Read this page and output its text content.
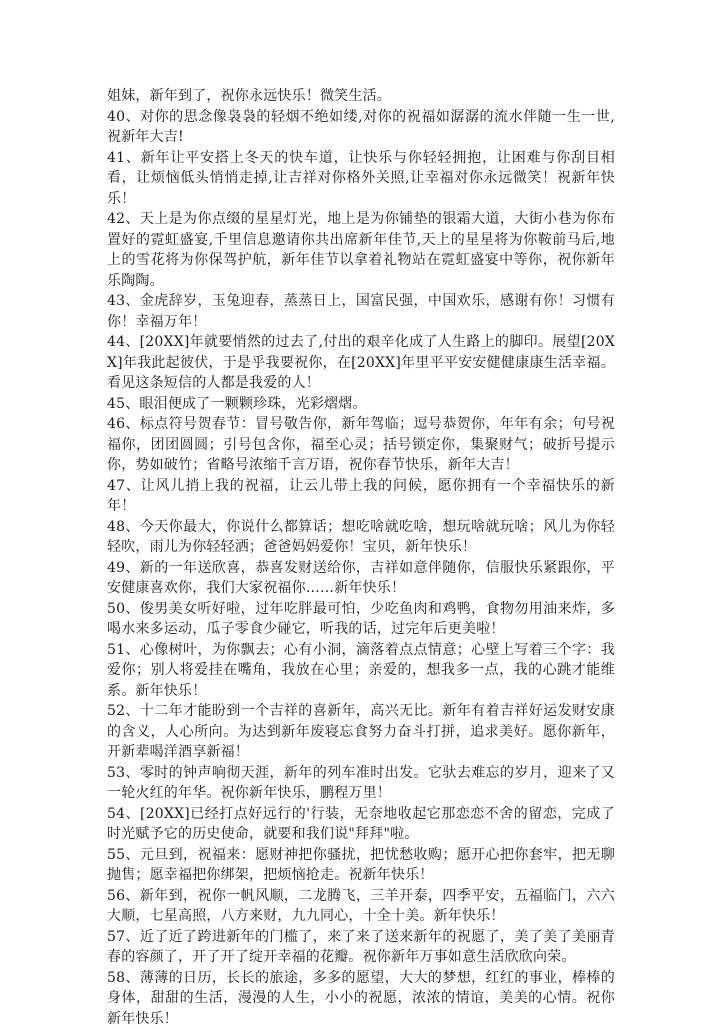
姐妹，新年到了，祝你永远快乐！微笑生活。

40、对你的思念像袅袅的轻烟不绝如缕,对你的祝福如潺潺的流水伴随一生一世,祝新年大吉!

41、新年让平安搭上冬天的快车道，让快乐与你轻轻拥抱，让困难与你刮目相看，让烦恼低头悄悄走掉,让吉祥对你格外关照,让幸福对你永远微笑！祝新年快乐！

42、天上是为你点缀的星星灯光，地上是为你铺垫的银霜大道，大街小巷为你布置好的霓虹盛宴,千里信息邀请你共出席新年佳节,天上的星星将为你鞍前马后,地上的雪花将为你保驾护航，新年佳节以拿着礼物站在霓虹盛宴中等你，祝你新年乐陶陶。

43、金虎辞岁，玉兔迎春，蒸蒸日上，国富民强，中国欢乐，感谢有你！习惯有你！幸福万年！

44、[20XX]年就要悄然的过去了,付出的艰辛化成了人生路上的脚印。展望[20XX]年我此起彼伏，于是乎我要祝你，在[20XX]年里平平安安健健康康生活幸福。看见这条短信的人都是我爱的人！

45、眼泪便成了一颗颗珍珠，光彩熠熠。

46、标点符号贺春节：冒号敬告你，新年驾临；逗号恭贺你，年年有余；句号祝福你，团团圆圆；引号包含你，福至心灵；括号锁定你，集聚财气；破折号提示你，势如破竹；省略号浓缩千言万语，祝你春节快乐，新年大吉！

47、让风儿捎上我的祝福，让云儿带上我的问候，愿你拥有一个幸福快乐的新年！

48、今天你最大，你说什么都算话；想吃啥就吃啥，想玩啥就玩啥；风儿为你轻轻吹，雨儿为你轻轻洒；爸爸妈妈爱你！宝贝，新年快乐！

49、新的一年送欣喜，恭喜发财送给你，吉祥如意伴随你，信服快乐紧跟你，平安健康喜欢你，我们大家祝福你……新年快乐！

50、俊男美女听好啦，过年吃胖最可怕，少吃鱼肉和鸡鸭，食物勿用油来炸，多喝水来多运动，瓜子零食少碰它，听我的话，过完年后更美啦！

51、心像树叶，为你飘去；心有小洞，滴落着点点情意；心壁上写着三个字：我爱你；别人将爱挂在嘴角，我放在心里；亲爱的，想我多一点，我的心跳才能维系。新年快乐！

52、十二年才能盼到一个吉祥的喜新年，高兴无比。新年有着吉祥好运发财安康的含义，人心所向。为达到新年废寝忘食努力奋斗打拼，追求美好。愿你新年，开新辈喝洋酒享新福！

53、零时的钟声响彻天涯，新年的列车准时出发。它驮去难忘的岁月，迎来了又一轮火红的年华。祝你新年快乐，鹏程万里！

54、[20XX]已经打点好远行的'行装，无奈地收起它那恋恋不舍的留恋，完成了时光赋予它的历史使命，就要和我们说"拜拜"啦。

55、元旦到，祝福来：愿财神把你骚扰，把忧愁收购；愿开心把你套牢，把无聊抛售；愿幸福把你绑架，把烦恼抢走。祝新年快乐！

56、新年到，祝你一帆风顺，二龙腾飞，三羊开泰，四季平安，五福临门，六六大顺，七星高照，八方来财，九九同心，十全十美。新年快乐！

57、近了近了跨进新年的门槛了，来了来了送来新年的祝愿了，美了美了美丽青春的容颜了，开了开了绽开幸福的花瓣。祝你新年万事如意生活欣欣向荣。

58、薄薄的日历，长长的旅途，多多的愿望，大大的梦想，红红的事业，棒棒的身体，甜甜的生活，漫漫的人生，小小的祝愿，浓浓的情谊，美美的心情。祝你新年快乐！
